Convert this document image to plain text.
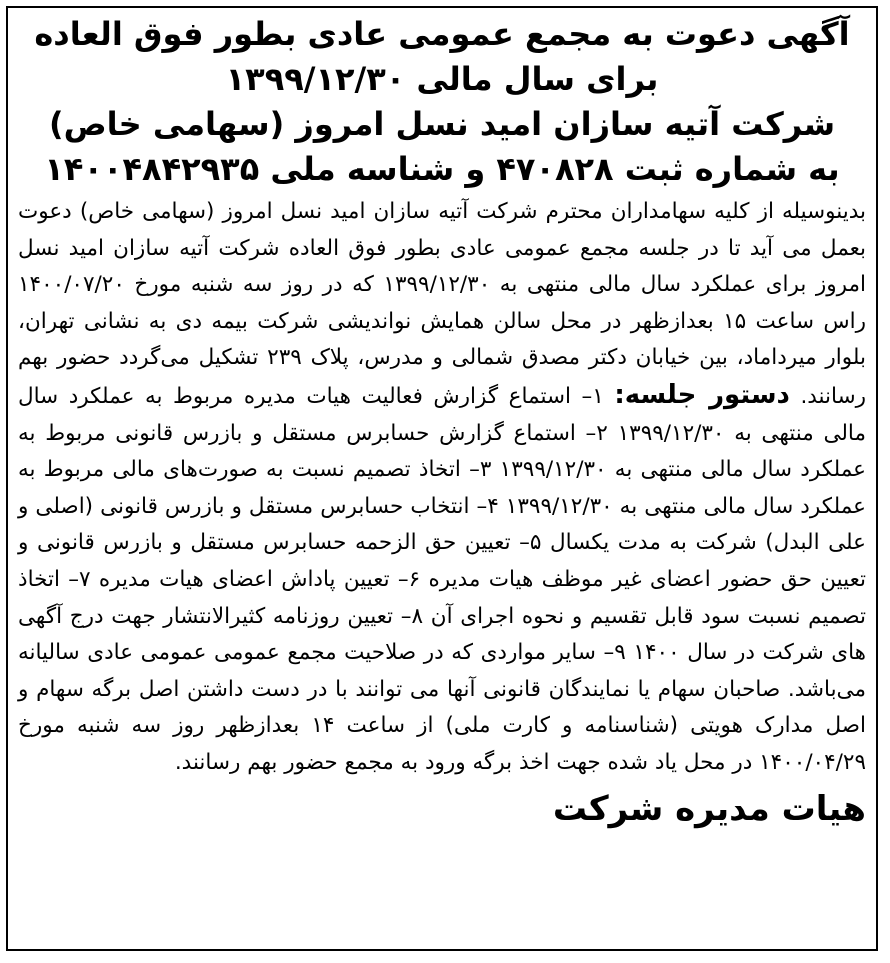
آگهی دعوت به مجمع عمومی عادی بطور فوق العاده
برای سال مالی ۱۳۹۹/۱۲/۳۰
شرکت آتیه سازان امید نسل امروز (سهامی خاص)
به شماره ثبت ۴۷۰۸۲۸ و شناسه ملی ۱۴۰۰۴۸۴۲۹۳۵
بدینوسیله از کلیه سهامداران محترم شرکت آتیه سازان امید نسل امروز (سهامی خاص) دعوت بعمل می آید تا در جلسه مجمع عمومی عادی بطور فوق العاده شرکت آتیه سازان امید نسل امروز برای عملکرد سال مالی منتهی به ۱۳۹۹/۱۲/۳۰ که در روز سه شنبه مورخ ۱۴۰۰/۰۷/۲۰ راس ساعت ۱۵ بعدازظهر در محل سالن همایش نواندیشی شرکت بیمه دی به نشانی تهران، بلوار میرداماد، بین خیابان دکتر مصدق شمالی و مدرس، پلاک ۲۳۹ تشکیل می‌گردد حضور بهم رسانند. دستور جلسه: ۱– استماع گزارش فعالیت هیات مدیره مربوط به عملکرد سال مالی منتهی به ۱۳۹۹/۱۲/۳۰ ۲– استماع گزارش حسابرس مستقل و بازرس قانونی مربوط به عملکرد سال مالی منتهی به ۱۳۹۹/۱۲/۳۰ ۳– اتخاذ تصمیم نسبت به صورت‌های مالی مربوط به عملکرد سال مالی منتهی به ۱۳۹۹/۱۲/۳۰ ۴– انتخاب حسابرس مستقل و بازرس قانونی (اصلی و علی البدل) شرکت به مدت یکسال ۵– تعیین حق الزحمه حسابرس مستقل و بازرس قانونی و تعیین حق حضور اعضای غیر موظف هیات مدیره ۶– تعیین پاداش اعضای هیات مدیره ۷– اتخاذ تصمیم نسبت سود قابل تقسیم و نحوه اجرای آن ۸– تعیین روزنامه کثیرالانتشار جهت درج آگهی های شرکت در سال ۱۴۰۰ ۹– سایر مواردی که در صلاحیت مجمع عمومی عمومی عادی سالیانه می‌باشد. صاحبان سهام یا نمایندگان قانونی آنها می توانند با در دست داشتن اصل برگه سهام و اصل مدارک هویتی (شناسنامه و کارت ملی) از ساعت ۱۴ بعدازظهر روز سه شنبه مورخ ۱۴۰۰/۰۴/۲۹ در محل یاد شده جهت اخذ برگه ورود به مجمع حضور بهم رسانند.
هیات مدیره شرکت
